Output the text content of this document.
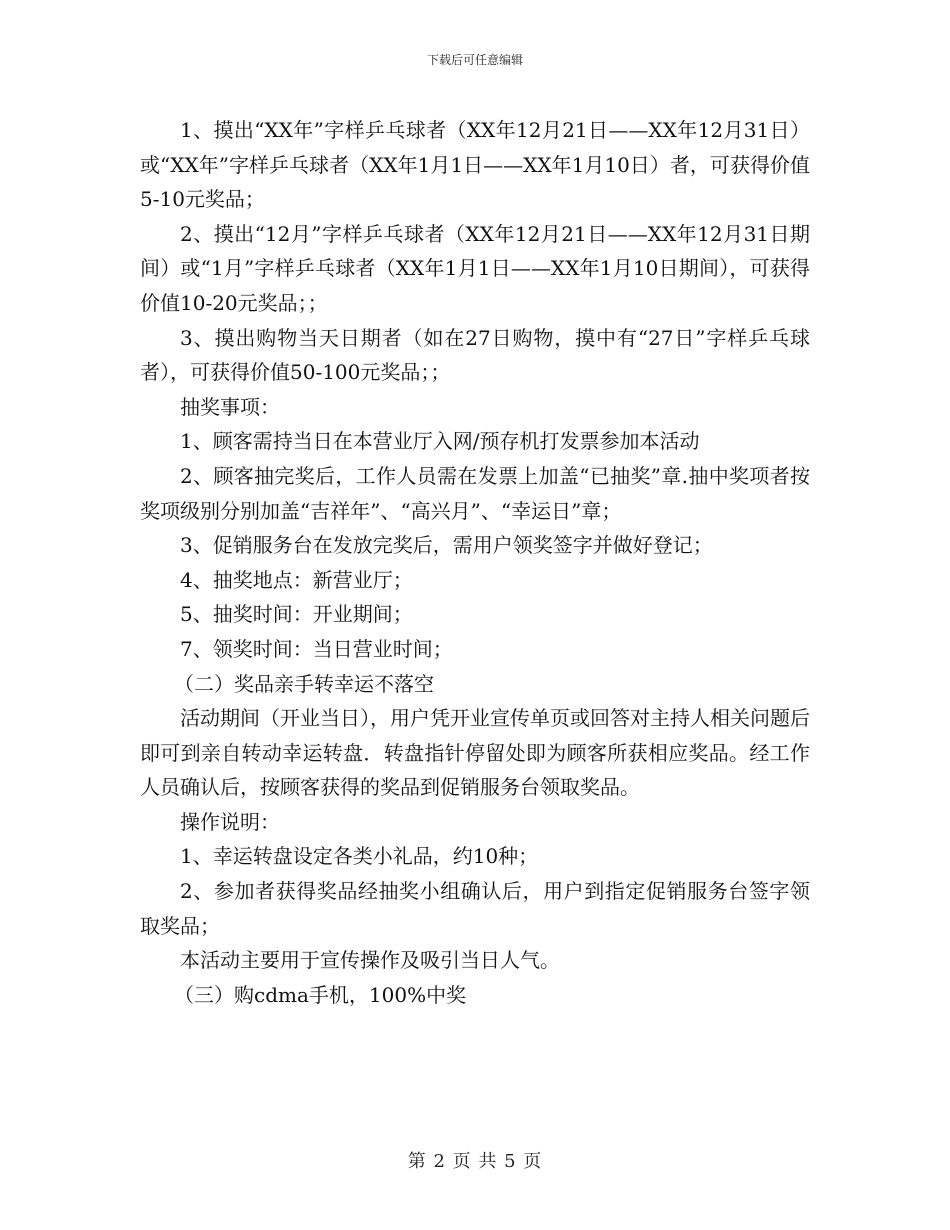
下载后可任意编辑

1、摸出“XX年”字样乒乓球者（XX年12月21日——XX年12月31日）或“XX年”字样乒乓球者（XX年1月1日——XX年1月10日）者，可获得价值5-10元奖品；

2、摸出“12月”字样乒乓球者（XX年12月21日——XX年12月31日期间）或“1月”字样乒乓球者（XX年1月1日——XX年1月10日期间），可获得价值10-20元奖品；；

3、摸出购物当天日期者（如在27日购物，摸中有“27日”字样乒乓球者），可获得价值50-100元奖品；；

抽奖事项：

1、顾客需持当日在本营业厅入网/预存机打发票参加本活动

2、顾客抽完奖后，工作人员需在发票上加盖“已抽奖”章.抽中奖项者按奖项级别分别加盖“吉祥年”、“高兴月”、“幸运日”章；

3、促销服务台在发放完奖后，需用户领奖签字并做好登记；

4、抽奖地点：新营业厅；

5、抽奖时间：开业期间；

7、领奖时间：当日营业时间；

（二）奖品亲手转幸运不落空

活动期间（开业当日），用户凭开业宣传单页或回答对主持人相关问题后即可到亲自转动幸运转盘．转盘指针停留处即为顾客所获相应奖品。经工作人员确认后，按顾客获得的奖品到促销服务台领取奖品。

操作说明：

1、幸运转盘设定各类小礼品，约10种；

2、参加者获得奖品经抽奖小组确认后，用户到指定促销服务台签字领取奖品；

本活动主要用于宣传操作及吸引当日人气。

（三）购cdma手机，100%中奖

第 2 页 共 5 页
